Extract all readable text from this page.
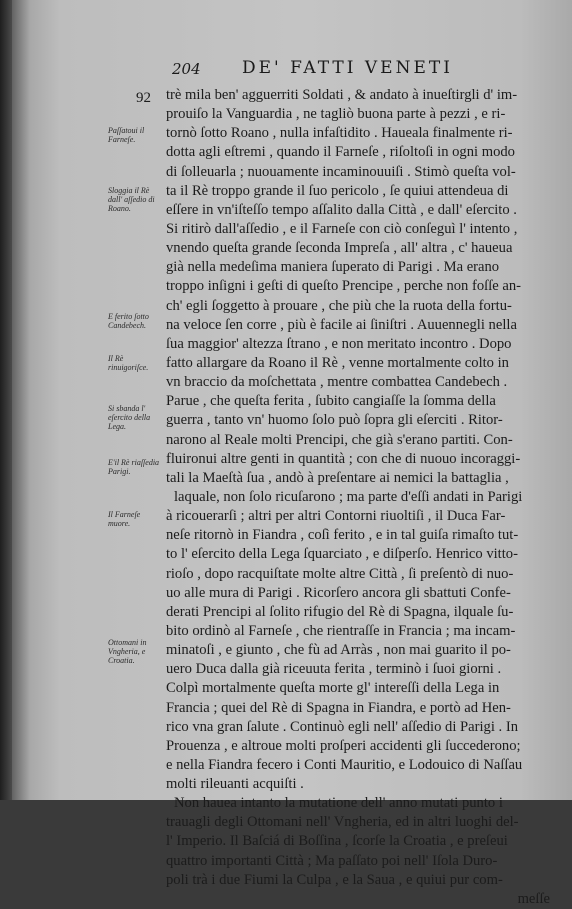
204 DE' FATTI VENETI
92 trè mila ben' agguerriti Soldati , & andato à inueſtirgli d' im-
prouiſo la Vanguardia , ne tagliò buona parte à pezzi , e ri-
tornò ſotto Roano , nulla infaſtidito . Haueala finalmente ri-
dotta agli eſtremi , quando il Farneſe , riſoltoſi in ogni modo
di ſolleuarla ; nuouamente incaminouuiſi . Stimò queſta vol-
ta il Rè troppo grande il ſuo pericolo , ſe quiui attendeua di
eſſere in vn'iſteſſo tempo aſſalito dalla Città , e dall' eſercito .
Si ritirò dall'aſſedio , e il Farneſe con ciò conſeguì l' intento ,
vnendo queſta grande ſeconda Impreſa , all' altra , c' haueua
già nella medeſima maniera ſuperato di Parigi . Ma erano
troppo inſigni i geſti di queſto Prencipe , perche non foſſe an-
ch' egli ſoggetto à prouare , che più che la ruota della fortu-
na veloce ſen corre , più è facile ai ſiniſtri . Auuennegli nella
ſua maggior' altezza ſtrano , e non meritato incontro . Dopo
fatto allargare da Roano il Rè , venne mortalmente colto in
vn braccio da moſchettata , mentre combattea Candebech .
Parue , che queſta ferita , ſubito cangiaſſe la ſomma della
guerra , tanto vn' huomo ſolo può ſopra gli eſerciti . Ritor-
narono al Reale molti Prencipi, che già s'erano partiti. Con-
fluironui altre genti in quantità ; con che di nuouo incoraggi-
tali la Maeſtà ſua , andò à preſentare ai nemici la battaglia ,
laquale, non ſolo ricuſarono ; ma parte d'eſſi andati in Parigi
à ricouerarſi ; altri per altri Contorni riuoltiſi , il Duca Far-
neſe ritornò in Fiandra , coſì ferito , e in tal guiſa rimaſto tut-
to l' eſercito della Lega ſquarciato , e diſperſo. Henrico vitto-
rioſo , dopo racquiſtate molte altre Città , ſi preſentò di nuo-
uo alle mura di Parigi . Ricorſero ancora gli sbattuti Confe-
derati Prencipi al ſolito rifugio del Rè di Spagna, ilquale ſu-
bito ordinò al Farneſe , che rientraſſe in Francia ; ma incam-
minatoſi , e giunto , che fù ad Arràs , non mai guarito il po-
uero Duca dalla già riceuuta ferita , terminò i ſuoi giorni .
Colpì mortalmente queſta morte gl' intereſſi della Lega in
Francia ; quei del Rè di Spagna in Fiandra, e portò ad Hen-
rico vna gran ſalute . Continuò egli nell' aſſedio di Parigi . In
Prouenza , e altroue molti proſperi accidenti gli ſuccederono;
e nella Fiandra fecero i Conti Mauritio, e Lodouico di Naſſau
molti rileuanti acquiſti .
Non hauea intanto la mutatione dell' anno mutati punto i
trauagli degli Ottomani nell' Vngheria, ed in altri luoghi del-
l' Imperio. Il Baſciá di Boſſina , ſcorſe la Croatia , e preſeui
quattro importanti Città ; Ma paſſato poi nell' Iſola Duro-
poli trà i due Fiumi la Culpa , e la Saua , e quiui pur com-
meſſe
Paſſatoui il Farneſe.
Sloggia il Rè dall' aſſedio di Roano.
E ferito ſotto Candebech.
Il Rè rinuigoriſce.
Si sbanda l' eſercito della Lega.
E'il Rè riaſſedia Parigi.
Il Farneſe muore.
Ottomani in Vngheria, e Croatia.
